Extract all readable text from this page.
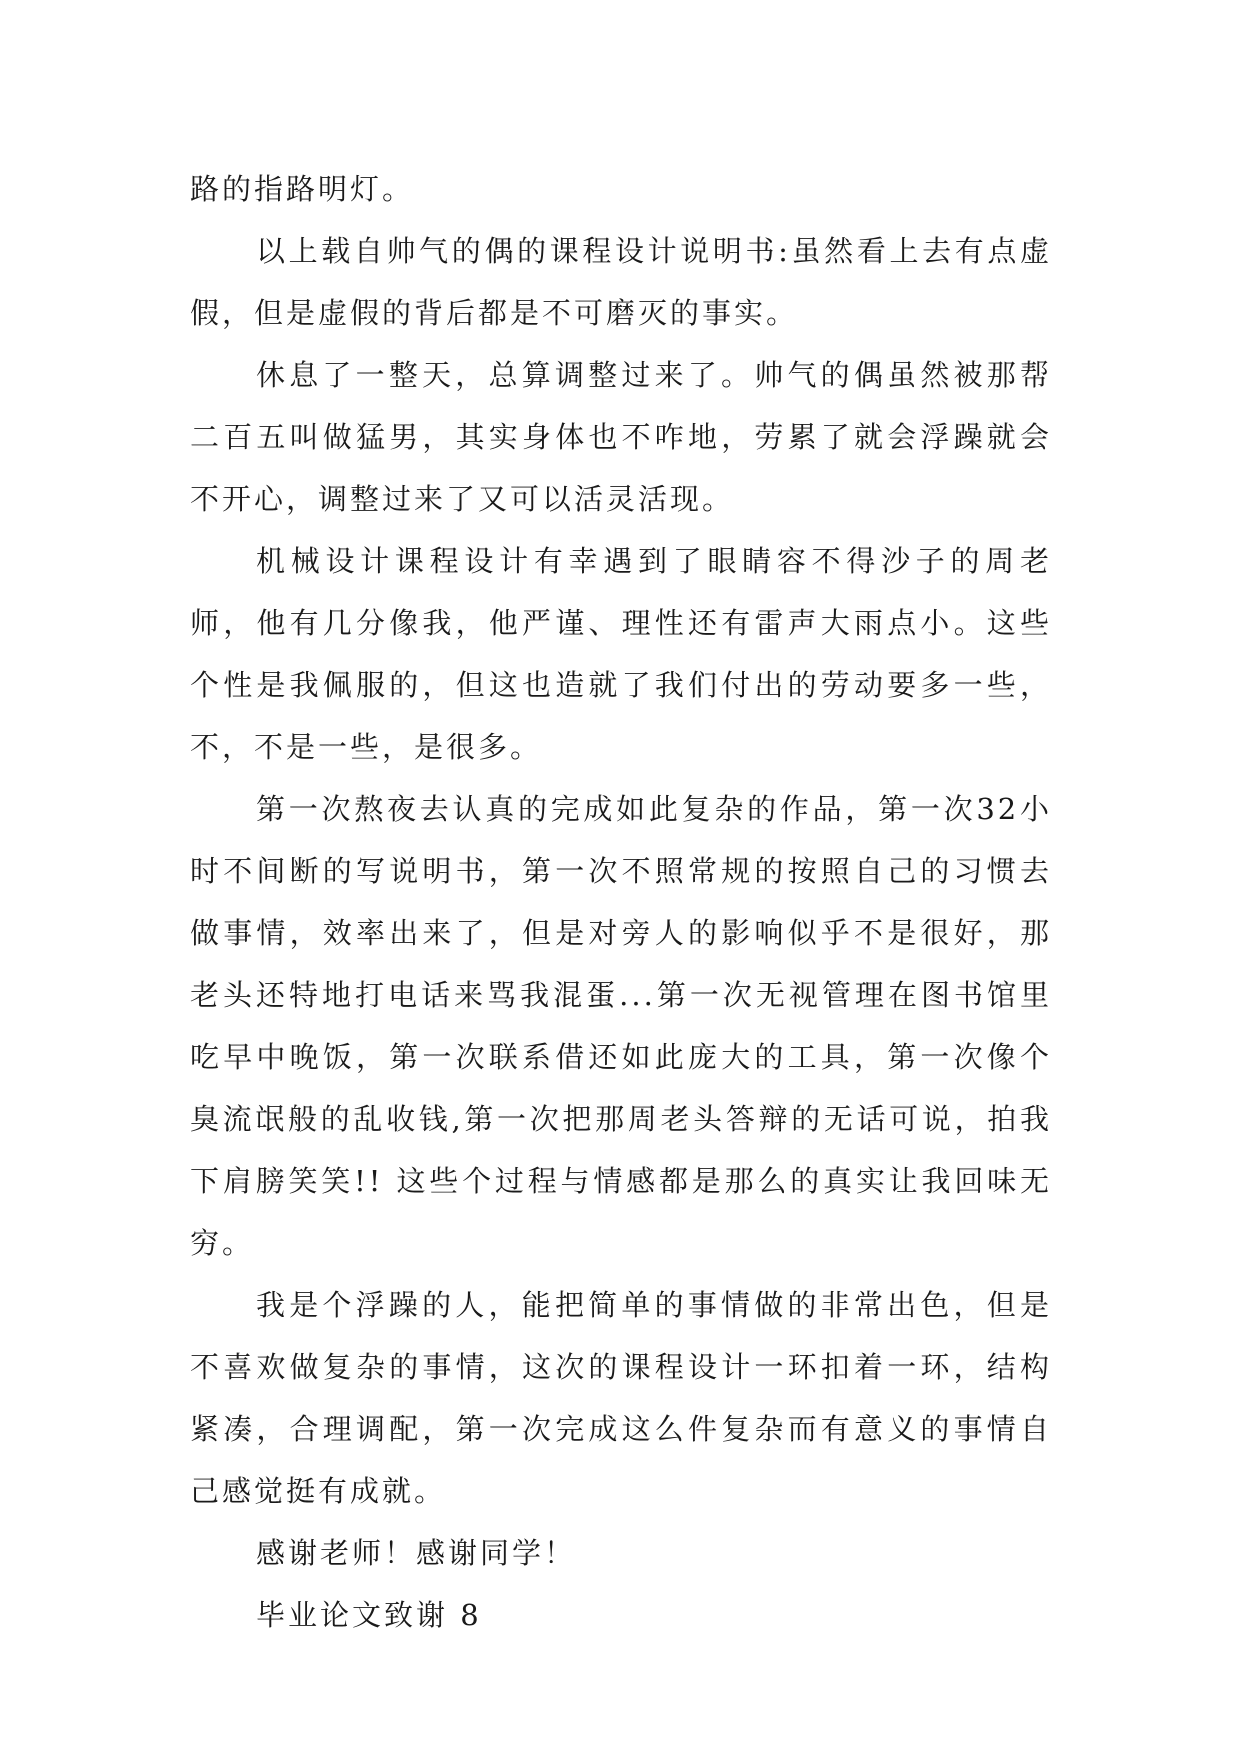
路的指路明灯。

以上载自帅气的偶的课程设计说明书:虽然看上去有点虚假，但是虚假的背后都是不可磨灭的事实。

休息了一整天，总算调整过来了。帅气的偶虽然被那帮二百五叫做猛男，其实身体也不咋地，劳累了就会浮躁就会不开心，调整过来了又可以活灵活现。

机械设计课程设计有幸遇到了眼睛容不得沙子的周老师，他有几分像我，他严谨、理性还有雷声大雨点小。这些个性是我佩服的，但这也造就了我们付出的劳动要多一些，不，不是一些，是很多。

第一次熬夜去认真的完成如此复杂的作品，第一次32小时不间断的写说明书，第一次不照常规的按照自己的习惯去做事情，效率出来了，但是对旁人的影响似乎不是很好，那老头还特地打电话来骂我混蛋...第一次无视管理在图书馆里吃早中晚饭，第一次联系借还如此庞大的工具，第一次像个臭流氓般的乱收钱,第一次把那周老头答辩的无话可说，拍我下肩膀笑笑!! 这些个过程与情感都是那么的真实让我回味无穷。

我是个浮躁的人，能把简单的事情做的非常出色，但是不喜欢做复杂的事情，这次的课程设计一环扣着一环，结构紧凑，合理调配，第一次完成这么件复杂而有意义的事情自己感觉挺有成就。

感谢老师！感谢同学！

毕业论文致谢 8
